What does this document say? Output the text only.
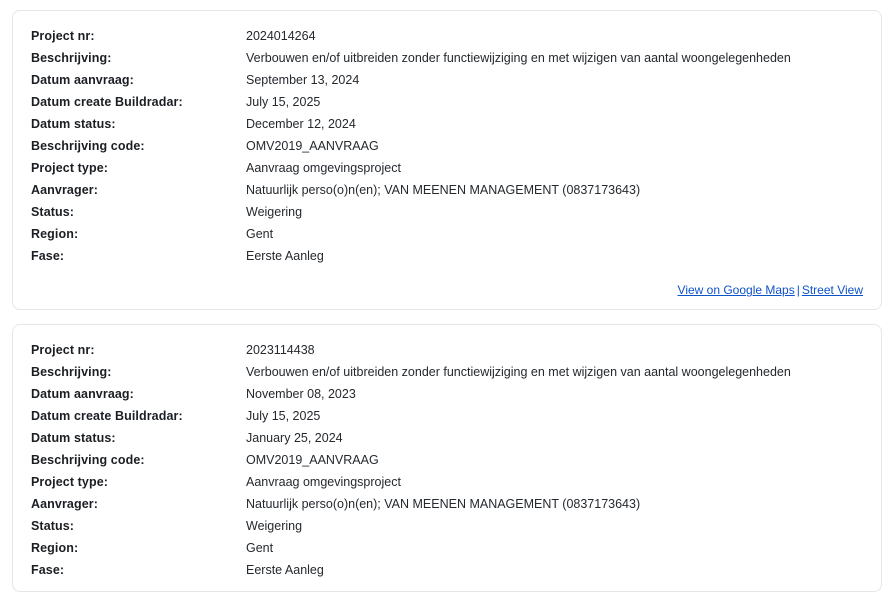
Project nr:	2024014264
Beschrijving:	Verbouwen en/of uitbreiden zonder functiewijziging en met wijzigen van aantal woongelegenheden
Datum aanvraag:	September 13, 2024
Datum create Buildradar:	July 15, 2025
Datum status:	December 12, 2024
Beschrijving code:	OMV2019_AANVRAAG
Project type:	Aanvraag omgevingsproject
Aanvrager:	Natuurlijk perso(o)n(en); VAN MEENEN MANAGEMENT (0837173643)
Status:	Weigering
Region:	Gent
Fase:	Eerste Aanleg
View on Google Maps | Street View
Project nr:	2023114438
Beschrijving:	Verbouwen en/of uitbreiden zonder functiewijziging en met wijzigen van aantal woongelegenheden
Datum aanvraag:	November 08, 2023
Datum create Buildradar:	July 15, 2025
Datum status:	January 25, 2024
Beschrijving code:	OMV2019_AANVRAAG
Project type:	Aanvraag omgevingsproject
Aanvrager:	Natuurlijk perso(o)n(en); VAN MEENEN MANAGEMENT (0837173643)
Status:	Weigering
Region:	Gent
Fase:	Eerste Aanleg
